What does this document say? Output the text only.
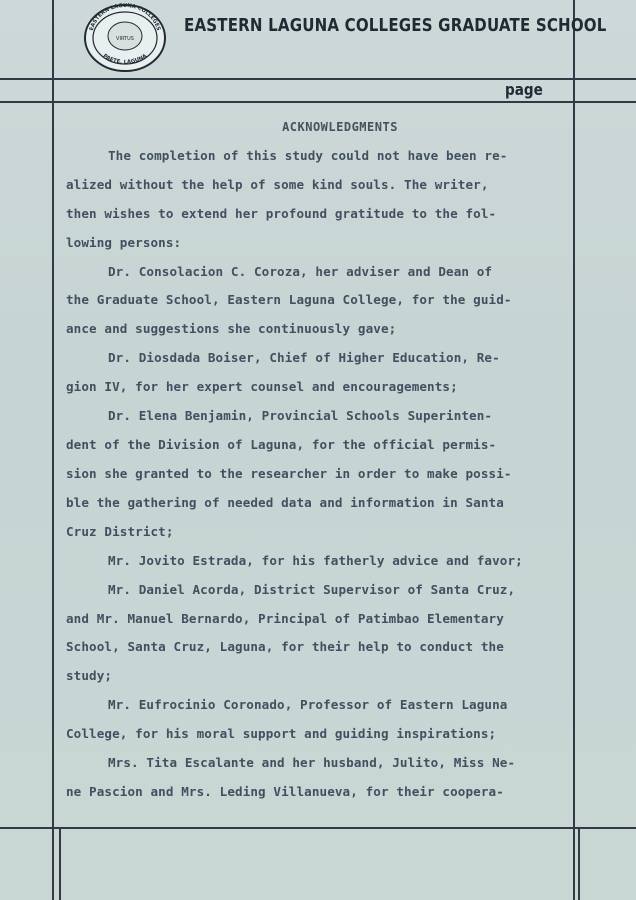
EASTERN LAGUNA COLLEGES
VIRTUS
PAETE, LAGUNA
EASTERN LAGUNA COLLEGES GRADUATE SCHOOL
page
ACKNOWLEDGMENTS
The completion of this study could not have been re-
alized without the help of some kind souls. The writer,
then wishes to extend her profound gratitude to the fol-
lowing persons:
Dr. Consolacion C. Coroza, her adviser and Dean of
the Graduate School, Eastern Laguna College, for the guid-
ance and suggestions she continuously gave;
Dr. Diosdada Boiser, Chief of Higher Education, Re-
gion IV, for her expert counsel and encouragements;
Dr. Elena Benjamin, Provincial Schools Superinten-
dent of the Division of Laguna, for the official permis-
sion she granted to the researcher in order to make possi-
ble the gathering of needed data and information in Santa
Cruz District;
Mr. Jovito Estrada, for his fatherly advice and favor;
Mr. Daniel Acorda, District Supervisor of Santa Cruz,
and Mr. Manuel Bernardo, Principal of Patimbao Elementary
School, Santa Cruz, Laguna, for their help to conduct the
study;
Mr. Eufrocinio Coronado, Professor of Eastern Laguna
College, for his moral support and guiding inspirations;
Mrs. Tita Escalante and her husband, Julito, Miss Ne-
ne Pascion and Mrs. Leding Villanueva, for their coopera-
